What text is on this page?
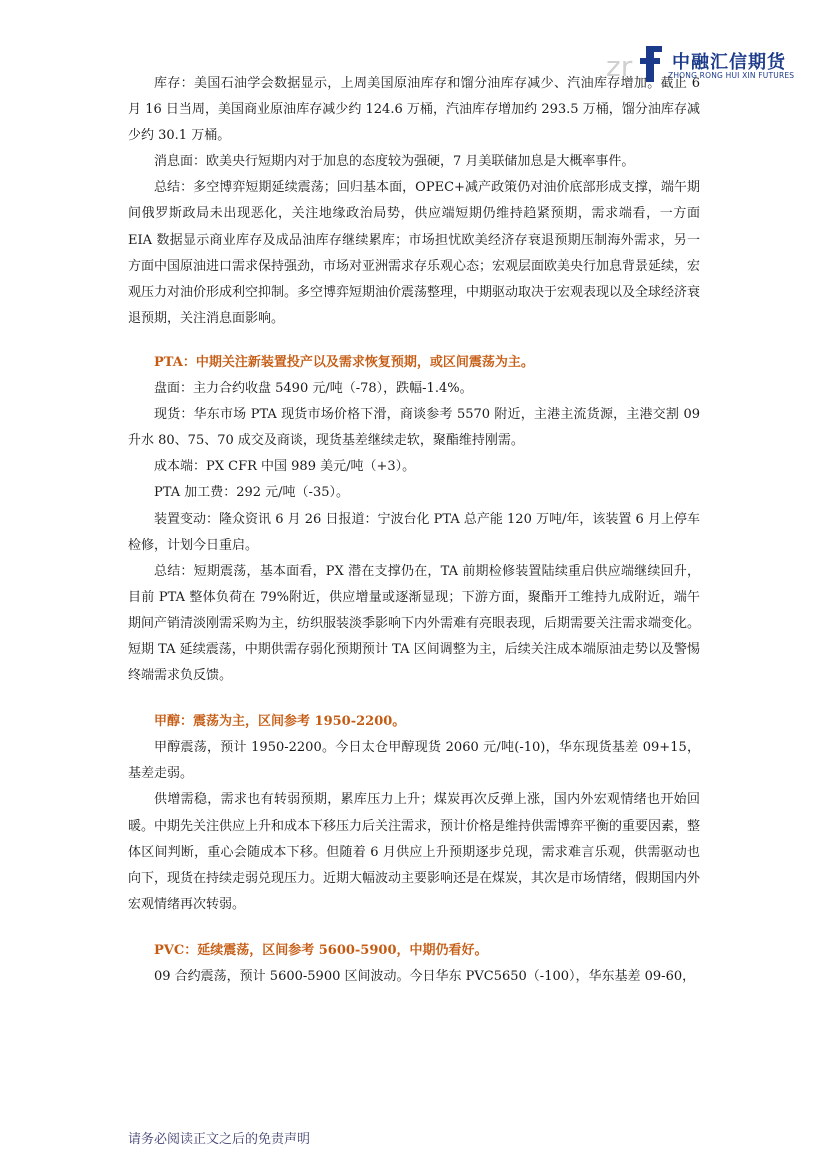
zr 中融汇信期货
ZHONG RONG HUI XIN FUTURES

库存：美国石油学会数据显示，上周美国原油库存和馏分油库存减少、汽油库存增加。截止 6 月 16 日当周，美国商业原油库存减少约 124.6 万桶，汽油库存增加约 293.5 万桶，馏分油库存减少约 30.1 万桶。

消息面：欧美央行短期内对于加息的态度较为强硬，7 月美联储加息是大概率事件。

总结：多空博弈短期延续震荡；回归基本面，OPEC+减产政策仍对油价底部形成支撑，端午期间俄罗斯政局未出现恶化，关注地缘政治局势，供应端短期仍维持趋紧预期，需求端看，一方面 EIA 数据显示商业库存及成品油库存继续累库；市场担忧欧美经济存衰退预期压制海外需求，另一方面中国原油进口需求保持强劲，市场对亚洲需求存乐观心态；宏观层面欧美央行加息背景延续，宏观压力对油价形成利空抑制。多空博弈短期油价震荡整理，中期驱动取决于宏观表现以及全球经济衰退预期，关注消息面影响。

PTA：中期关注新装置投产以及需求恢复预期，或区间震荡为主。

盘面：主力合约收盘 5490 元/吨（-78），跌幅-1.4%。

现货：华东市场 PTA 现货市场价格下滑，商谈参考 5570 附近，主港主流货源，主港交割 09 升水 80、75、70 成交及商谈，现货基差继续走软，聚酯维持刚需。

成本端：PX CFR 中国 989 美元/吨（+3）。

PTA 加工费：292 元/吨（-35）。

装置变动：隆众资讯 6 月 26 日报道：宁波台化 PTA 总产能 120 万吨/年，该装置 6 月上停车检修，计划今日重启。

总结：短期震荡，基本面看，PX 潜在支撑仍在，TA 前期检修装置陆续重启供应端继续回升，目前 PTA 整体负荷在 79%附近，供应增量或逐渐显现；下游方面，聚酯开工维持九成附近，端午期间产销清淡刚需采购为主，纺织服装淡季影响下内外需难有亮眼表现，后期需要关注需求端变化。短期 TA 延续震荡，中期供需存弱化预期预计 TA 区间调整为主，后续关注成本端原油走势以及警惕终端需求负反馈。

甲醇：震荡为主，区间参考 1950-2200。

甲醇震荡，预计 1950-2200。今日太仓甲醇现货 2060 元/吨(-10)，华东现货基差 09+15，基差走弱。

供增需稳，需求也有转弱预期，累库压力上升；煤炭再次反弹上涨，国内外宏观情绪也开始回暖。中期先关注供应上升和成本下移压力后关注需求，预计价格是维持供需博弈平衡的重要因素，整体区间判断，重心会随成本下移。但随着 6 月供应上升预期逐步兑现，需求难言乐观，供需驱动也向下，现货在持续走弱兑现压力。近期大幅波动主要影响还是在煤炭，其次是市场情绪，假期国内外宏观情绪再次转弱。

PVC：延续震荡，区间参考 5600-5900，中期仍看好。

09 合约震荡，预计 5600-5900 区间波动。今日华东 PVC5650（-100），华东基差 09-60，

请务必阅读正文之后的免责声明
